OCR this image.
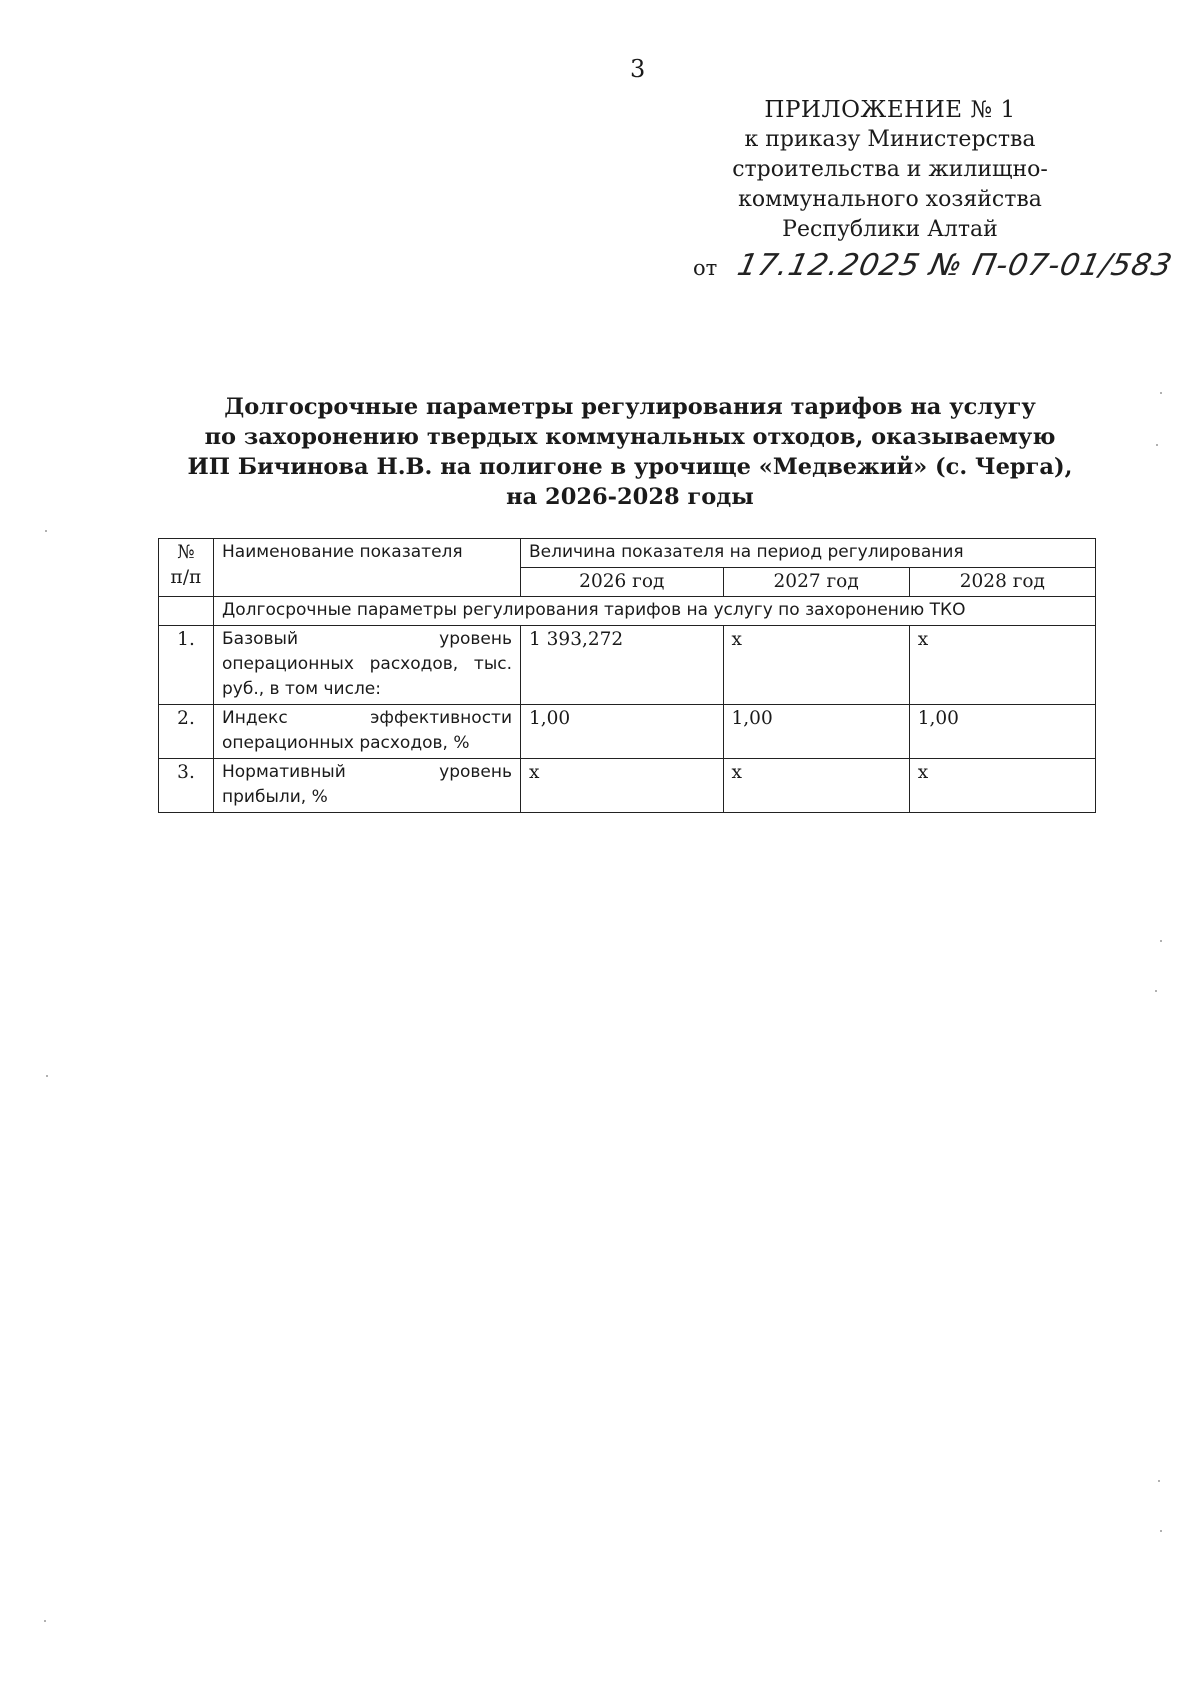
3
ПРИЛОЖЕНИЕ № 1
к приказу Министерства
строительства и жилищно-
коммунального хозяйства
Республики Алтай
от 17.12.2025 № П-07-01/583
Долгосрочные параметры регулирования тарифов на услугу
по захоронению твердых коммунальных отходов, оказываемую
ИП Бичинова Н.В. на полигоне в урочище «Медвежий» (с. Черга),
на 2026-2028 годы
№ п/п	Наименование показателя	Величина показателя на период регулирования		
		2026 год	2027 год	2028 год
	Долгосрочные параметры регулирования тарифов на услугу по захоронению ТКО			
1.	Базовый уровень операционных расходов, тыс. руб., в том числе:	1 393,272	x	x
2.	Индекс эффективности операционных расходов, %	1,00	1,00	1,00
3.	Нормативный уровень прибыли, %	x	x	x
